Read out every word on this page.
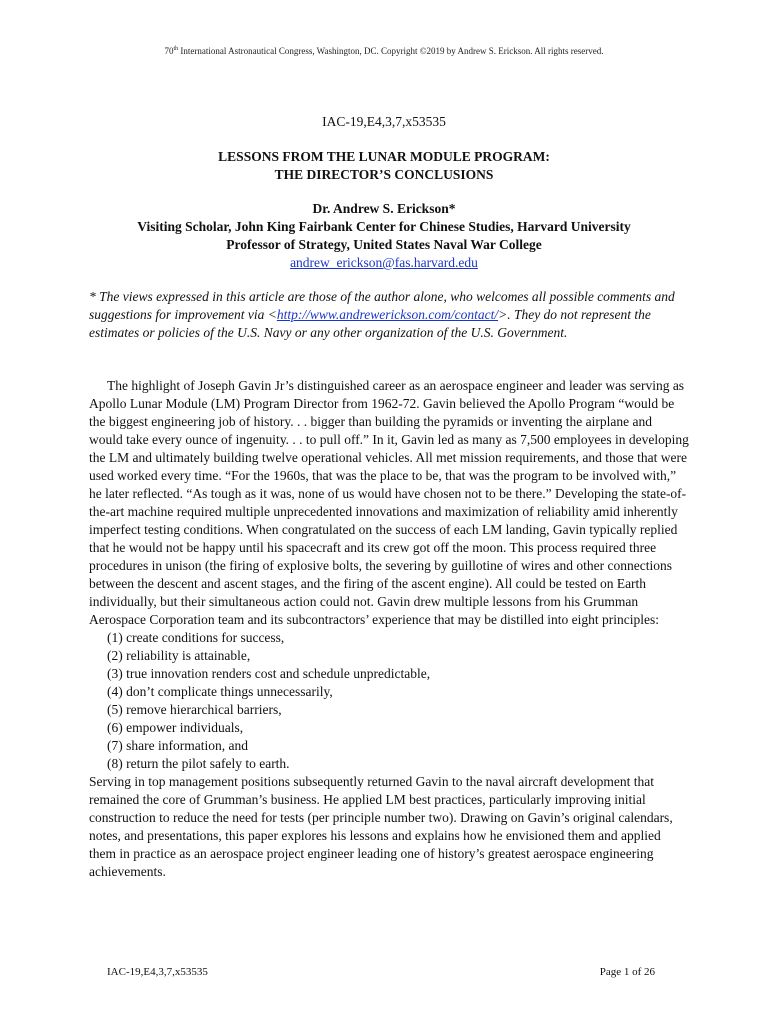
70th International Astronautical Congress, Washington, DC. Copyright ©2019 by Andrew S. Erickson. All rights reserved.
IAC-19,E4,3,7,x53535
LESSONS FROM THE LUNAR MODULE PROGRAM:
THE DIRECTOR’S CONCLUSIONS
Dr. Andrew S. Erickson*
Visiting Scholar, John King Fairbank Center for Chinese Studies, Harvard University
Professor of Strategy, United States Naval War College
andrew_erickson@fas.harvard.edu
* The views expressed in this article are those of the author alone, who welcomes all possible comments and suggestions for improvement via <http://www.andrewerickson.com/contact/>. They do not represent the estimates or policies of the U.S. Navy or any other organization of the U.S. Government.

The highlight of Joseph Gavin Jr’s distinguished career as an aerospace engineer and leader was serving as Apollo Lunar Module (LM) Program Director from 1962-72. Gavin believed the Apollo Program “would be the biggest engineering job of history. . . bigger than building the pyramids or inventing the airplane and would take every ounce of ingenuity. . . to pull off.” In it, Gavin led as many as 7,500 employees in developing the LM and ultimately building twelve operational vehicles. All met mission requirements, and those that were used worked every time. “For the 1960s, that was the place to be, that was the program to be involved with,” he later reflected. “As tough as it was, none of us would have chosen not to be there.” Developing the state-of-the-art machine required multiple unprecedented innovations and maximization of reliability amid inherently imperfect testing conditions. When congratulated on the success of each LM landing, Gavin typically replied that he would not be happy until his spacecraft and its crew got off the moon. This process required three procedures in unison (the firing of explosive bolts, the severing by guillotine of wires and other connections between the descent and ascent stages, and the firing of the ascent engine). All could be tested on Earth individually, but their simultaneous action could not. Gavin drew multiple lessons from his Grumman Aerospace Corporation team and its subcontractors’ experience that may be distilled into eight principles:

(1) create conditions for success,
(2) reliability is attainable,
(3) true innovation renders cost and schedule unpredictable,
(4) don’t complicate things unnecessarily,
(5) remove hierarchical barriers,
(6) empower individuals,
(7) share information, and
(8) return the pilot safely to earth.

Serving in top management positions subsequently returned Gavin to the naval aircraft development that remained the core of Grumman’s business. He applied LM best practices, particularly improving initial construction to reduce the need for tests (per principle number two). Drawing on Gavin’s original calendars, notes, and presentations, this paper explores his lessons and explains how he envisioned them and applied them in practice as an aerospace project engineer leading one of history’s greatest aerospace engineering achievements.

IAC-19,E4,3,7,x53535	Page 1 of 26
